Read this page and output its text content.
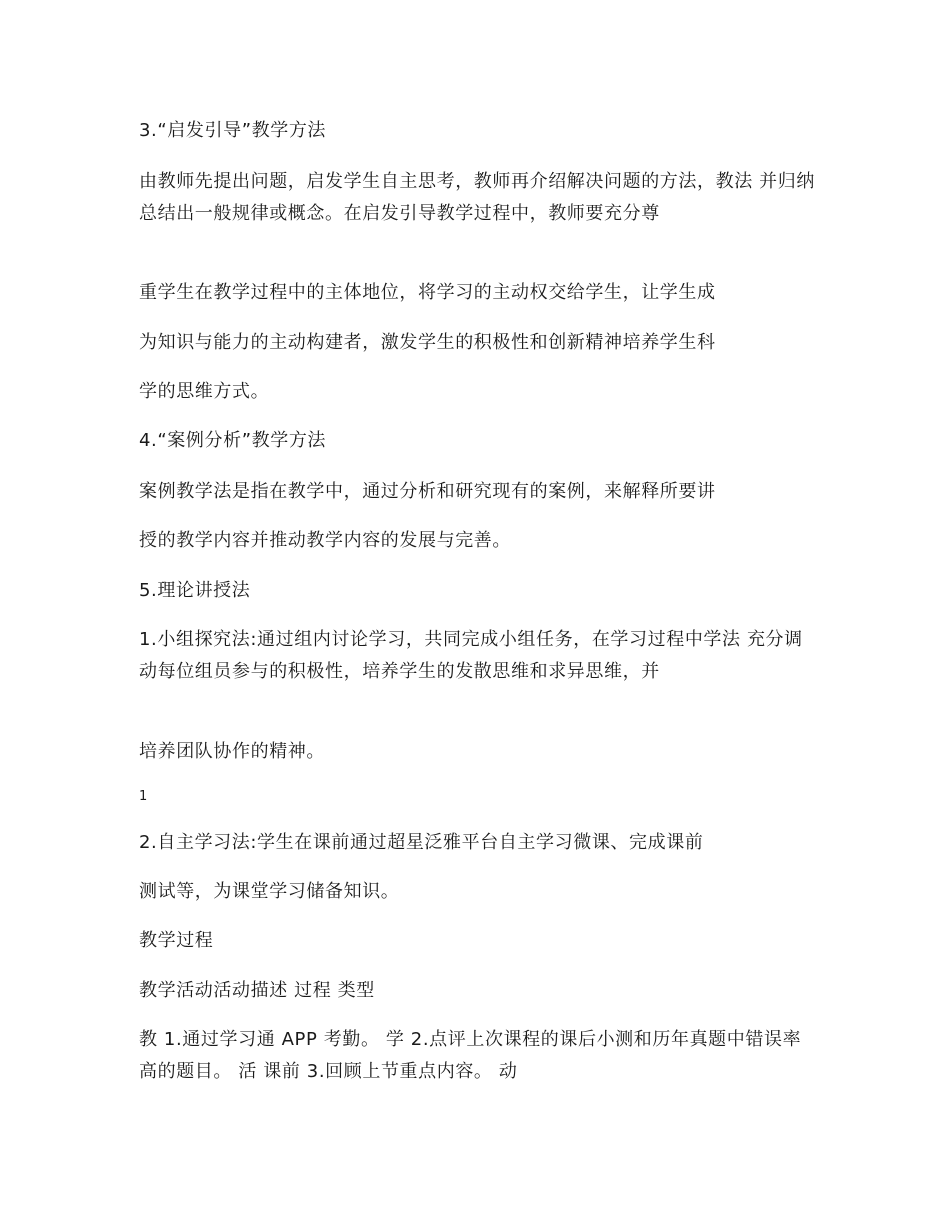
3.“启发引导”教学方法
由教师先提出问题，启发学生自主思考，教师再介绍解决问题的方法，教法 并归纳总结出一般规律或概念。在启发引导教学过程中，教师要充分尊
重学生在教学过程中的主体地位，将学习的主动权交给学生，让学生成
为知识与能力的主动构建者，激发学生的积极性和创新精神培养学生科
学的思维方式。
4.“案例分析”教学方法
案例教学法是指在教学中，通过分析和研究现有的案例，来解释所要讲
授的教学内容并推动教学内容的发展与完善。
5.理论讲授法
1.小组探究法:通过组内讨论学习，共同完成小组任务，在学习过程中学法 充分调动每位组员参与的积极性，培养学生的发散思维和求异思维，并
培养团队协作的精神。
1
2.自主学习法:学生在课前通过超星泛雅平台自主学习微课、完成课前
测试等，为课堂学习储备知识。
教学过程
教学活动活动描述 过程 类型
教 1.通过学习通 APP 考勤。 学 2.点评上次课程的课后小测和历年真题中错误率高的题目。 活 课前 3.回顾上节重点内容。 动
